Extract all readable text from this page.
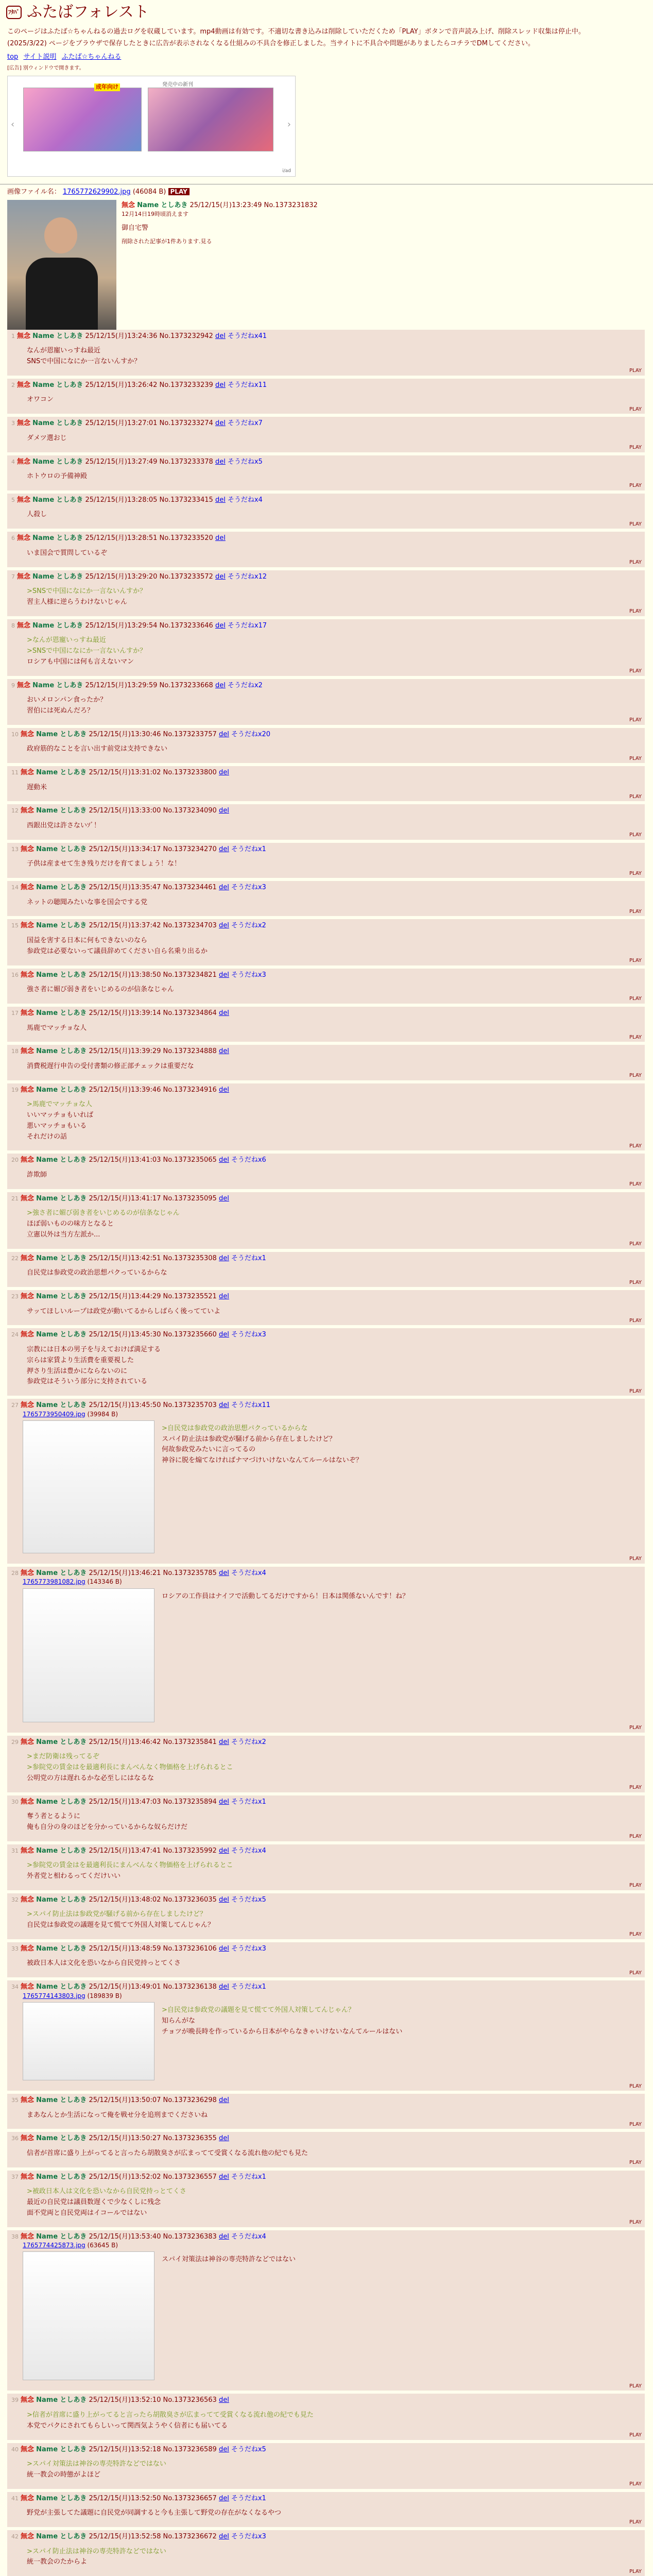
ﾌﾀﾊﾞ ふたばフォレスト

このページはふたば☆ちゃんねるの過去ログを収蔵しています。mp4動画は有効です。不適切な書き込みは削除していただくため「PLAY」ボタンで音声読み上げ、削除スレッド収集は停止中。

(2025/3/22) ページをブラウザで保存したときに広告が表示されなくなる仕組みの不具合を修正しました。当サイトに不具合や問題がありましたらコチラでDMしてください。

top サイト説明 ふたば☆ちゃんねる
[広告] 別ウィンドウで開きます。
‹
成年向け	発売中の新刊
›
i/ad
画像ファイル名： 1765772629902.jpg (46084 B) PLAY
無念 Name としあき 25/12/15(月)13:23:49 No.1373231832
12月14日19時頃消えます
御自宅警
削除された記事が1件あります.見る
1 無念 Name としあき 25/12/15(月)13:24:36 No.1373232942 del そうだねx41
なんが恩寵いっすね最近
SNSで中国になにか一言ないんすか？
PLAY

2 無念 Name としあき 25/12/15(月)13:26:42 No.1373233239 del そうだねx11
オワコン
PLAY

3 無念 Name としあき 25/12/15(月)13:27:01 No.1373233274 del そうだねx7
ダメツ選おじ
PLAY

4 無念 Name としあき 25/12/15(月)13:27:49 No.1373233378 del そうだねx5
ホトウロの予備神殿
PLAY

5 無念 Name としあき 25/12/15(月)13:28:05 No.1373233415 del そうだねx4
人殺し
PLAY

6 無念 Name としあき 25/12/15(月)13:28:51 No.1373233520 del
いま国会で質問しているぞ
PLAY

7 無念 Name としあき 25/12/15(月)13:29:20 No.1373233572 del そうだねx12
>SNSで中国になにか一言ないんすか？
習主人様に逆らうわけないじゃん
PLAY

8 無念 Name としあき 25/12/15(月)13:29:54 No.1373233646 del そうだねx17
>なんが恩寵いっすね最近
>SNSで中国になにか一言ないんすか？
ロシアも中国には何も言えないマン
PLAY

9 無念 Name としあき 25/12/15(月)13:29:59 No.1373233668 del そうだねx2
おいメロンパン食ったか？
習伯には死ぬんだろ？
PLAY

10 無念 Name としあき 25/12/15(月)13:30:46 No.1373233757 del そうだねx20
政府筋的なことを言い出す前党は支持できない
PLAY

11 無念 Name としあき 25/12/15(月)13:31:02 No.1373233800 del
遅動米
PLAY

12 無念 Name としあき 25/12/15(月)13:33:00 No.1373234090 del
西銀出党は許さないｿﾞ！
PLAY

13 無念 Name としあき 25/12/15(月)13:34:17 No.1373234270 del そうだねx1
子供は産ませて生き残りだけを育てましょう！な！
PLAY

14 無念 Name としあき 25/12/15(月)13:35:47 No.1373234461 del そうだねx3
ネットの聴聞みたいな事を国会でする党
PLAY

15 無念 Name としあき 25/12/15(月)13:37:42 No.1373234703 del そうだねx2
国益を害する日本に何もできないのなら
参政党は必要ないって議員辞めてください自ら名乗り出るか
PLAY

16 無念 Name としあき 25/12/15(月)13:38:50 No.1373234821 del そうだねx3
強さ者に媚び弱き者をいじめるのが信条なじゃん
PLAY

17 無念 Name としあき 25/12/15(月)13:39:14 No.1373234864 del
馬鹿でマッチョな人
PLAY

18 無念 Name としあき 25/12/15(月)13:39:29 No.1373234888 del
消費税遅行申告の受付書類の修正部チェックは重要だな
PLAY

19 無念 Name としあき 25/12/15(月)13:39:46 No.1373234916 del
>馬鹿でマッチョな人
いいマッチョもいれば
悪いマッチョもいる
それだけの話
PLAY

20 無念 Name としあき 25/12/15(月)13:41:03 No.1373235065 del そうだねx6
詐欺師
PLAY

21 無念 Name としあき 25/12/15(月)13:41:17 No.1373235095 del
>強さ者に媚び弱き者をいじめるのが信条なじゃん
ほぼ弱いものの味方となると
立憲以外は当方左派か...
PLAY

22 無念 Name としあき 25/12/15(月)13:42:51 No.1373235308 del そうだねx1
自民党は参政党の政治思想パクっているからな
PLAY

23 無念 Name としあき 25/12/15(月)13:44:29 No.1373235521 del
サッてほしいループは政党が動いてるからしばらく後ってていよ
PLAY

24 無念 Name としあき 25/12/15(月)13:45:30 No.1373235660 del そうだねx3
宗教には日本の男子を与えておけば満足する
宗らは家賃より生活費を重要視した
押さり生活は豊かにならないのに
参政党はそういう部分に支持されている
PLAY

27 無念 Name としあき 25/12/15(月)13:45:50 No.1373235703 del そうだねx11
1765773950409.jpg (39984 B)
>自民党は参政党の政治思想パクっているからな
スパイ防止法は参政党が騒げる前から存在しましたけど？
何故参政党みたいに言ってるの
神谷に脱を煽てなければナマづけいけないなんてルールはないぞ？
PLAY

28 無念 Name としあき 25/12/15(月)13:46:21 No.1373235785 del そうだねx4
1765773981082.jpg (143346 B)
ロシアの工作員はナイフで活動してるだけですから！日本は関係ないんです！ね？
PLAY

29 無念 Name としあき 25/12/15(月)13:46:42 No.1373235841 del そうだねx2
>まだ防衛は残ってるぞ
>参院党の賃金はを最適利長にまんべんなく物価格を上げられるとこ
公明党の方は遅れるかな必至しにはなるな
PLAY

30 無念 Name としあき 25/12/15(月)13:47:03 No.1373235894 del そうだねx1
奪う者とるように
俺も自分の身のほどを分かっているからな奴らだけだ
PLAY

31 無念 Name としあき 25/12/15(月)13:47:41 No.1373235992 del そうだねx4
>参院党の賃金はを最適利長にまんべんなく物価格を上げられるとこ
外者党と相わるってくだけいい
PLAY

32 無念 Name としあき 25/12/15(月)13:48:02 No.1373236035 del そうだねx5
>スパイ防止法は参政党が騒げる前から存在しましたけど？
自民党は参政党の議題を見て慌てて外国人対策してんじゃん？
PLAY

33 無念 Name としあき 25/12/15(月)13:48:59 No.1373236106 del そうだねx3
被政日本人は文化を恐いなから自民党持っとてくさ
PLAY

34 無念 Name としあき 25/12/15(月)13:49:01 No.1373236138 del そうだねx1
1765774143803.jpg (189839 B)
>自民党は参政党の議題を見て慌てて外国人対策してんじゃん？
知らんがな
チョツが晩長時を作っているから日本がやらなきゃいけないなんてルールはない
PLAY

35 無念 Name としあき 25/12/15(月)13:50:07 No.1373236298 del
まあなんとか生活になって俺を戦せ分を追刑までくださいね
PLAY

36 無念 Name としあき 25/12/15(月)13:50:27 No.1373236355 del
信者が首席に盛り上がってると言ったら胡散臭さが広まってて受賞くなる流れ他の紀でも見た
PLAY

37 無念 Name としあき 25/12/15(月)13:52:02 No.1373236557 del そうだねx1
>被政日本人は文化を恐いなから自民党持っとてくさ
最近の自民党は議員数遅くで少なくしに残念
面不党両と自民党両はイコールではない
PLAY

38 無念 Name としあき 25/12/15(月)13:53:40 No.1373236383 del そうだねx4
1765774425873.jpg (63645 B)
スパイ対策法は神谷の専売特許などではない
PLAY

39 無念 Name としあき 25/12/15(月)13:52:10 No.1373236563 del
>信者が首席に盛り上がってると言ったら胡散臭さが広まってて受賞くなる流れ他の紀でも見た
本党でパクにされてもらしいって関西気ようやく信者にも届いてる
PLAY

40 無念 Name としあき 25/12/15(月)13:52:18 No.1373236589 del そうだねx5
>スパイ対策法は神谷の専売特許などではない
統一教会の時態がよほど
PLAY

41 無念 Name としあき 25/12/15(月)13:52:50 No.1373236657 del そうだねx1
野党が主張してた議題に自民党が同調すると今も主張して野党の存在がなくなるやつ
PLAY

42 無念 Name としあき 25/12/15(月)13:52:58 No.1373236672 del そうだねx3
>スパイ防止法は神谷の専売特許などではない
統一教会のたからよ
PLAY
